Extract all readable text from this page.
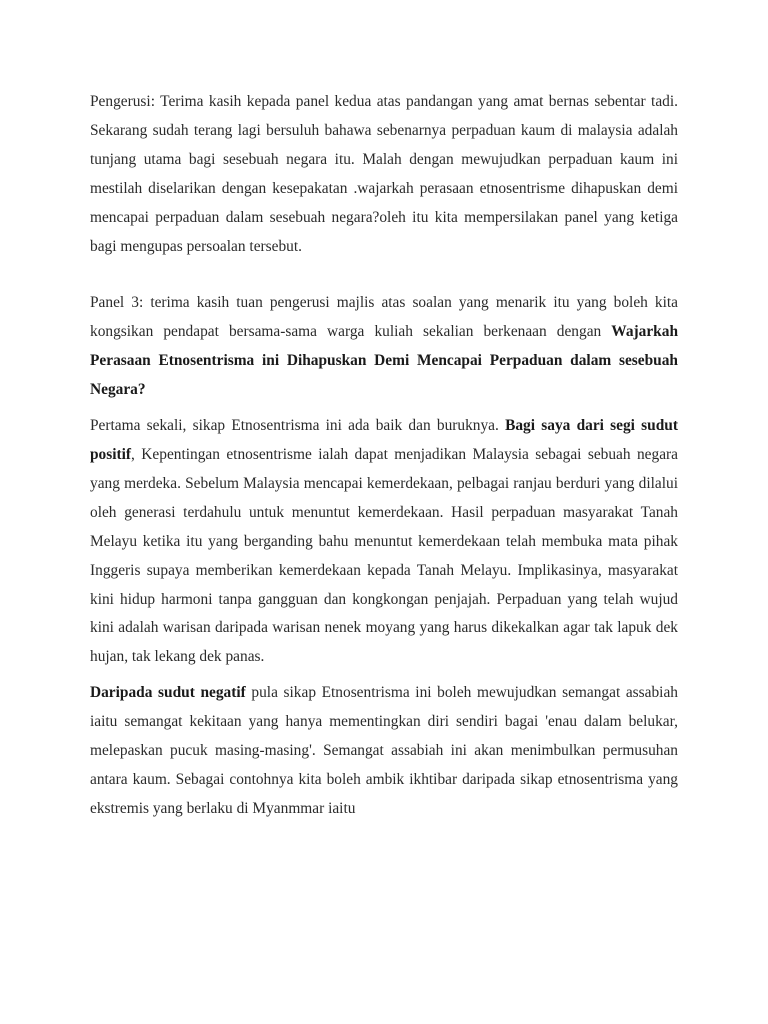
Pengerusi: Terima kasih kepada panel kedua atas pandangan yang amat bernas sebentar tadi. Sekarang sudah terang lagi bersuluh bahawa sebenarnya perpaduan kaum di malaysia adalah tunjang utama bagi sesebuah negara itu. Malah dengan mewujudkan perpaduan kaum ini mestilah diselarikan dengan kesepakatan .wajarkah perasaan etnosentrisme dihapuskan demi mencapai perpaduan dalam sesebuah negara?oleh itu kita mempersilakan panel yang ketiga bagi mengupas persoalan tersebut.

Panel 3: terima kasih tuan pengerusi majlis atas soalan yang menarik itu yang boleh kita kongsikan pendapat bersama-sama warga kuliah sekalian berkenaan dengan Wajarkah Perasaan Etnosentrisma ini Dihapuskan Demi Mencapai Perpaduan dalam sesebuah Negara?

Pertama sekali, sikap Etnosentrisma ini ada baik dan buruknya. Bagi saya dari segi sudut positif, Kepentingan etnosentrisme ialah dapat menjadikan Malaysia sebagai sebuah negara yang merdeka. Sebelum Malaysia mencapai kemerdekaan, pelbagai ranjau berduri yang dilalui oleh generasi terdahulu untuk menuntut kemerdekaan. Hasil perpaduan masyarakat Tanah Melayu ketika itu yang berganding bahu menuntut kemerdekaan telah membuka mata pihak Inggeris supaya memberikan kemerdekaan kepada Tanah Melayu. Implikasinya, masyarakat kini hidup harmoni tanpa gangguan dan kongkongan penjajah. Perpaduan yang telah wujud kini adalah warisan daripada warisan nenek moyang yang harus dikekalkan agar tak lapuk dek hujan, tak lekang dek panas.

Daripada sudut negatif pula sikap Etnosentrisma ini boleh mewujudkan semangat assabiah iaitu semangat kekitaan yang hanya mementingkan diri sendiri bagai 'enau dalam belukar, melepaskan pucuk masing-masing'. Semangat assabiah ini akan menimbulkan permusuhan antara kaum. Sebagai contohnya kita boleh ambik ikhtibar daripada sikap etnosentrisma yang ekstremis yang berlaku di Myanmmar iaitu
